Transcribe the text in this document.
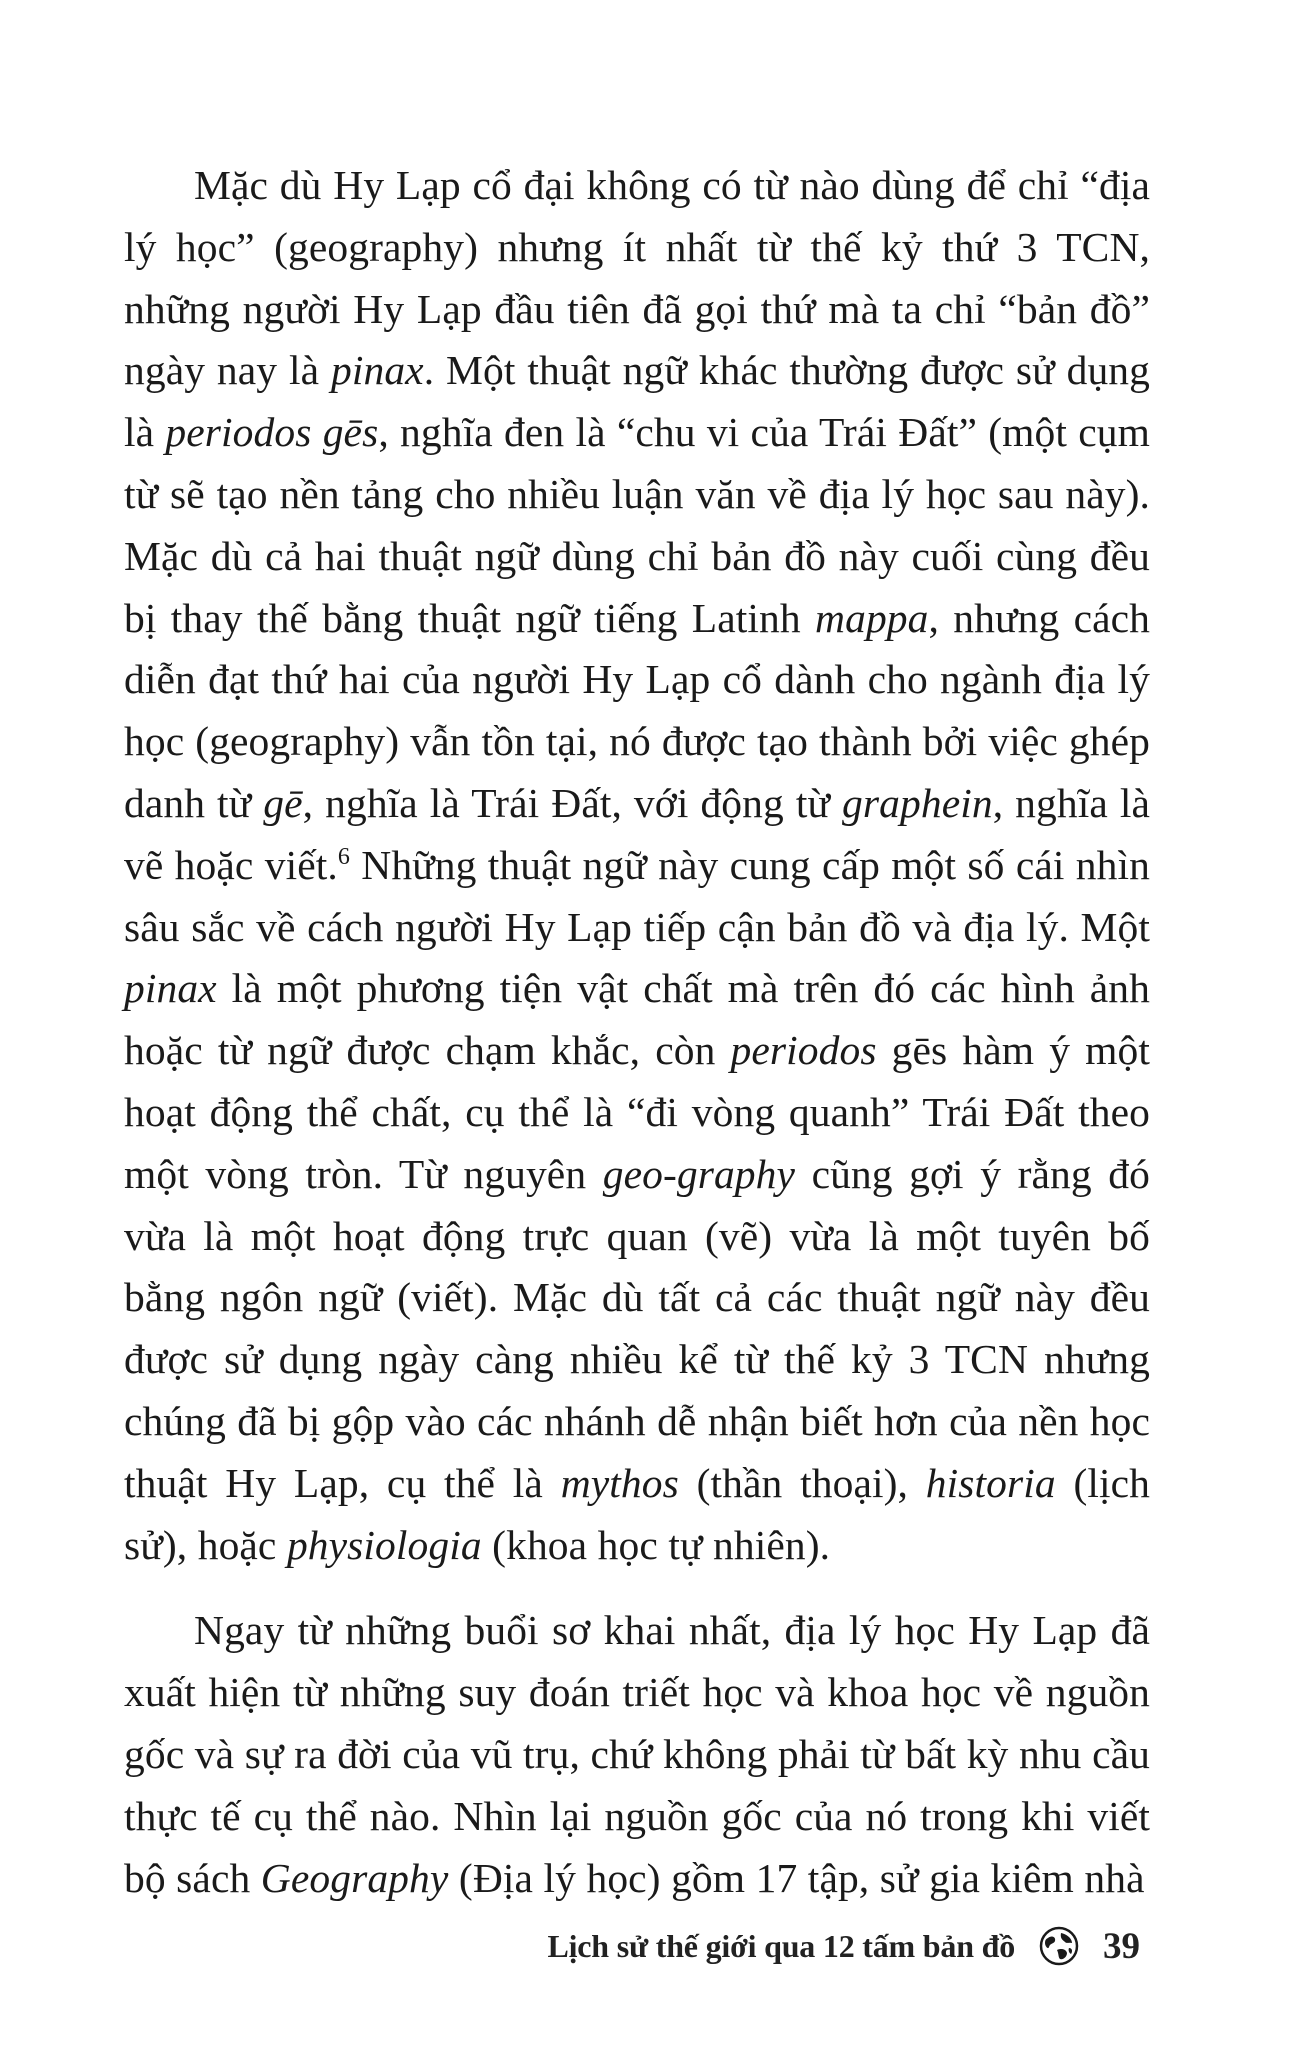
Mặc dù Hy Lạp cổ đại không có từ nào dùng để chỉ “địa lý học” (geography) nhưng ít nhất từ thế kỷ thứ 3 TCN, những người Hy Lạp đầu tiên đã gọi thứ mà ta chỉ “bản đồ” ngày nay là pinax. Một thuật ngữ khác thường được sử dụng là periodos gēs, nghĩa đen là “chu vi của Trái Đất” (một cụm từ sẽ tạo nền tảng cho nhiều luận văn về địa lý học sau này). Mặc dù cả hai thuật ngữ dùng chỉ bản đồ này cuối cùng đều bị thay thế bằng thuật ngữ tiếng Latinh mappa, nhưng cách diễn đạt thứ hai của người Hy Lạp cổ dành cho ngành địa lý học (geography) vẫn tồn tại, nó được tạo thành bởi việc ghép danh từ gē, nghĩa là Trái Đất, với động từ graphein, nghĩa là vẽ hoặc viết.$^6$ Những thuật ngữ này cung cấp một số cái nhìn sâu sắc về cách người Hy Lạp tiếp cận bản đồ và địa lý. Một pinax là một phương tiện vật chất mà trên đó các hình ảnh hoặc từ ngữ được chạm khắc, còn periodos gēs hàm ý một hoạt động thể chất, cụ thể là “đi vòng quanh” Trái Đất theo một vòng tròn. Từ nguyên geo-graphy cũng gợi ý rằng đó vừa là một hoạt động trực quan (vẽ) vừa là một tuyên bố bằng ngôn ngữ (viết). Mặc dù tất cả các thuật ngữ này đều được sử dụng ngày càng nhiều kể từ thế kỷ 3 TCN nhưng chúng đã bị gộp vào các nhánh dễ nhận biết hơn của nền học thuật Hy Lạp, cụ thể là mythos (thần thoại), historia (lịch sử), hoặc physiologia (khoa học tự nhiên).

Ngay từ những buổi sơ khai nhất, địa lý học Hy Lạp đã xuất hiện từ những suy đoán triết học và khoa học về nguồn gốc và sự ra đời của vũ trụ, chứ không phải từ bất kỳ nhu cầu thực tế cụ thể nào. Nhìn lại nguồn gốc của nó trong khi viết bộ sách Geography (Địa lý học) gồm 17 tập, sử gia kiêm nhà

Lịch sử thế giới qua 12 tấm bản đồ 39
